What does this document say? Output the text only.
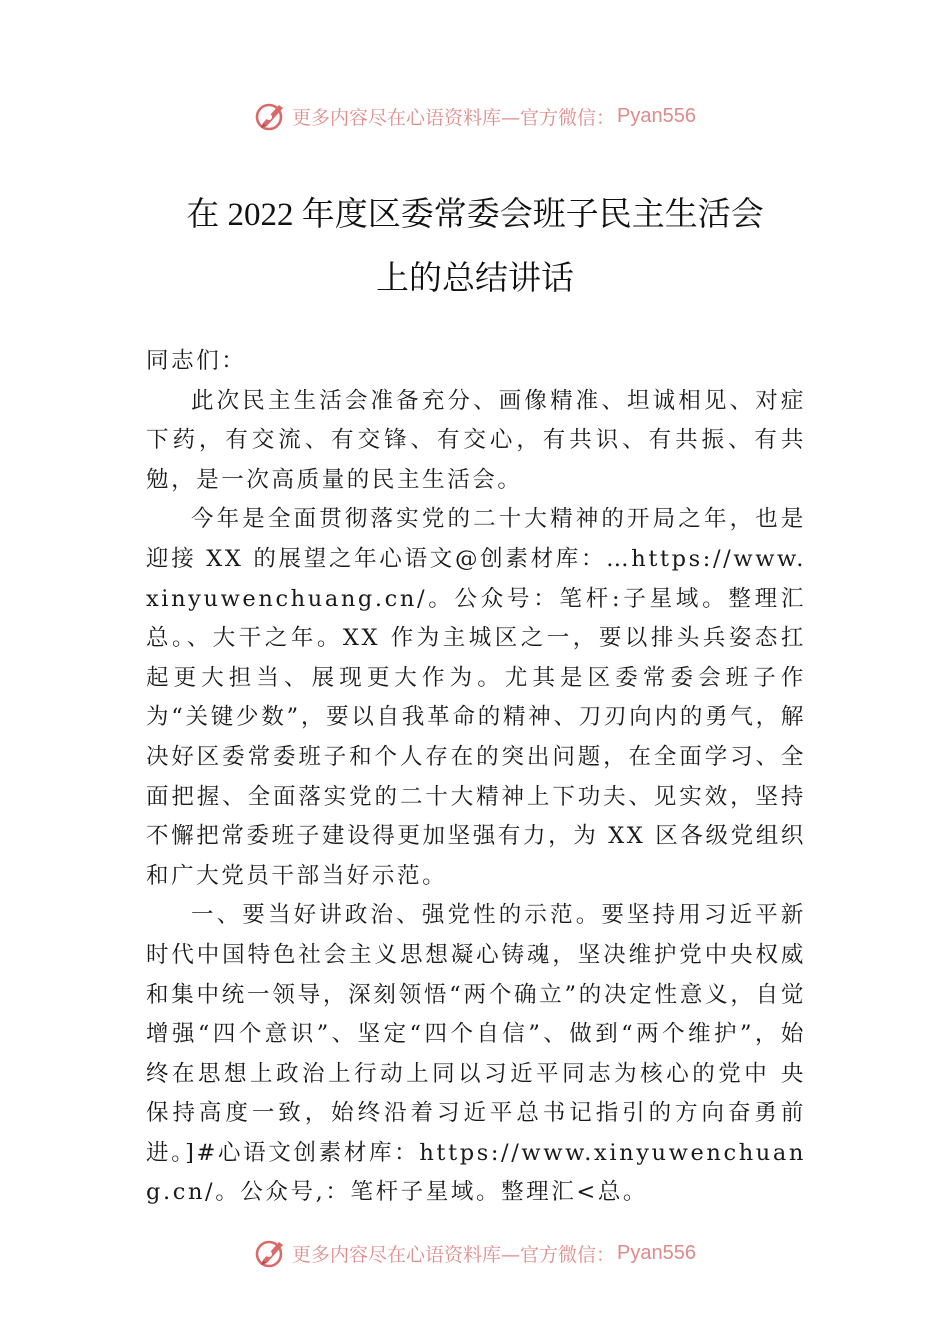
更多内容尽在心语资料库—官方微信： Pyan556
在 2022 年度区委常委会班子民主生活会
上的总结讲话

同志们：

此次民主生活会准备充分、画像精准、坦诚相见、对症下药，有交流、有交锋、有交心，有共识、有共振、有共勉，是一次高质量的民主生活会。

今年是全面贯彻落实党的二十大精神的开局之年，也是迎接 XX 的展望之年心语文@创素材库：…https://www.xinyuwenchuang.cn/。公众号：笔杆:子星域。整理汇总。、大干之年。XX 作为主城区之一，要以排头兵姿态扛起更大担当、展现更大作为。尤其是区委常委会班子作为“关键少数”，要以自我革命的精神、刀刃向内的勇气，解决好区委常委班子和个人存在的突出问题，在全面学习、全面把握、全面落实党的二十大精神上下功夫、见实效，坚持不懈把常委班子建设得更加坚强有力，为 XX 区各级党组织和广大党员干部当好示范。

一、要当好讲政治、强党性的示范。要坚持用习近平新时代中国特色社会主义思想凝心铸魂，坚决维护党中央权威和集中统一领导，深刻领悟“两个确立”的决定性意义，自觉增强“四个意识”、坚定“四个自信”、做到“两个维护”，始终在思想上政治上行动上同以习近平同志为核心的党中 央保持高度一致，始终沿着习近平总书记指引的方向奋勇前进。]#心语文创素材库：https://www.xinyuwenchuang.cn/。公众号,：笔杆子星域。整理汇<总。

更多内容尽在心语资料库—官方微信： Pyan556
